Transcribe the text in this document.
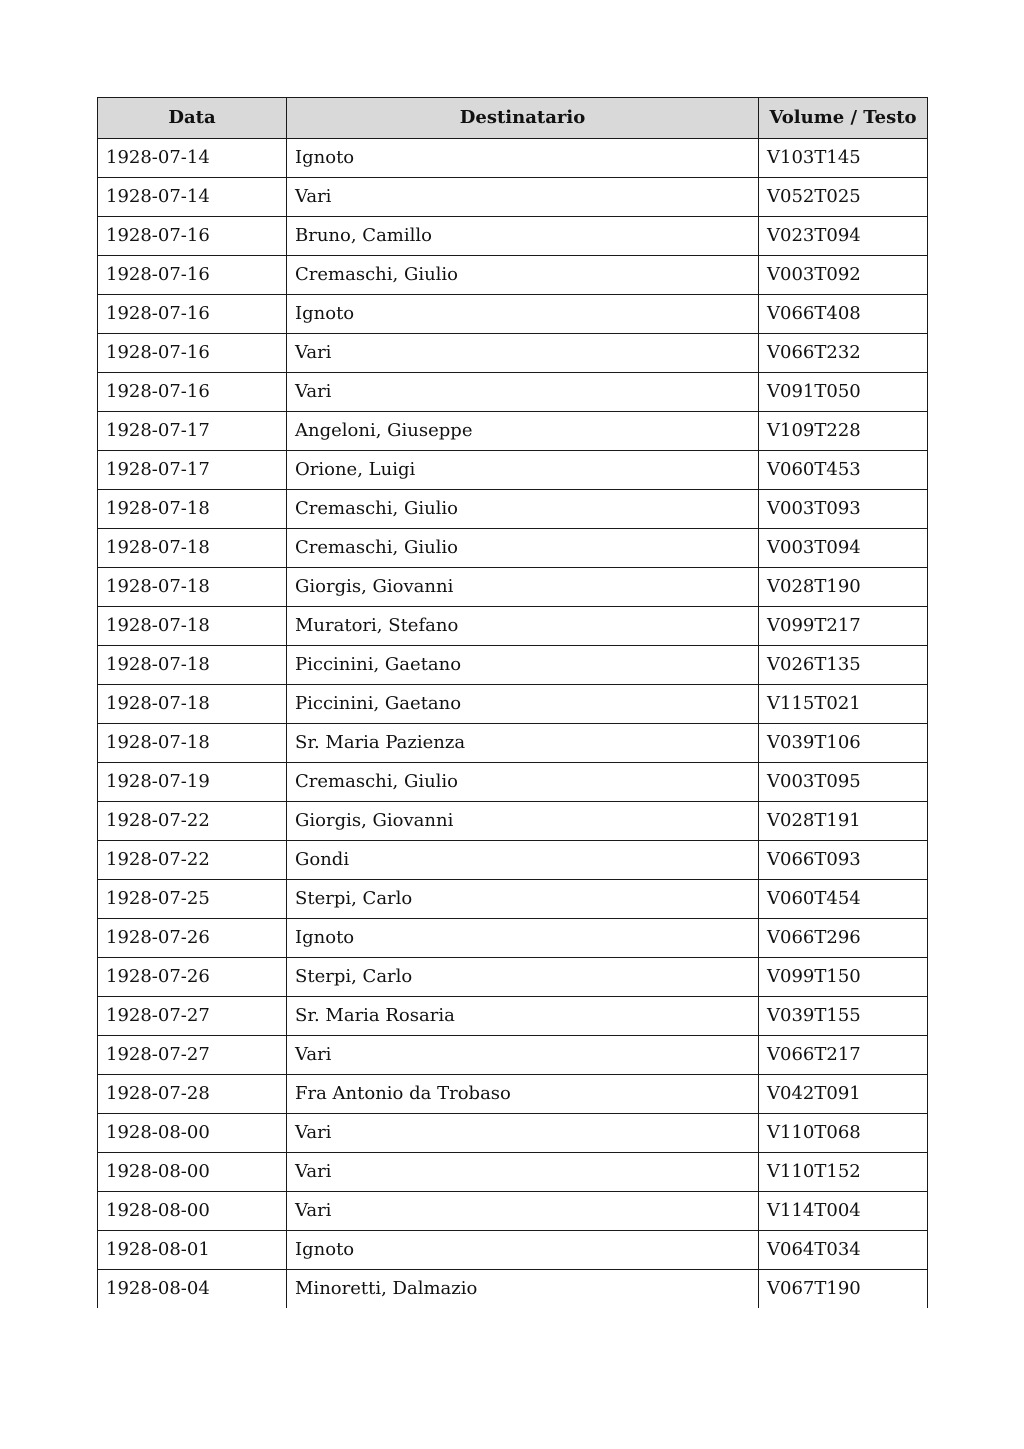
Data	Destinatario	Volume / Testo
1928-07-14	Ignoto	V103T145
1928-07-14	Vari	V052T025
1928-07-16	Bruno, Camillo	V023T094
1928-07-16	Cremaschi, Giulio	V003T092
1928-07-16	Ignoto	V066T408
1928-07-16	Vari	V066T232
1928-07-16	Vari	V091T050
1928-07-17	Angeloni, Giuseppe	V109T228
1928-07-17	Orione, Luigi	V060T453
1928-07-18	Cremaschi, Giulio	V003T093
1928-07-18	Cremaschi, Giulio	V003T094
1928-07-18	Giorgis, Giovanni	V028T190
1928-07-18	Muratori, Stefano	V099T217
1928-07-18	Piccinini, Gaetano	V026T135
1928-07-18	Piccinini, Gaetano	V115T021
1928-07-18	Sr. Maria Pazienza	V039T106
1928-07-19	Cremaschi, Giulio	V003T095
1928-07-22	Giorgis, Giovanni	V028T191
1928-07-22	Gondi	V066T093
1928-07-25	Sterpi, Carlo	V060T454
1928-07-26	Ignoto	V066T296
1928-07-26	Sterpi, Carlo	V099T150
1928-07-27	Sr. Maria Rosaria	V039T155
1928-07-27	Vari	V066T217
1928-07-28	Fra Antonio da Trobaso	V042T091
1928-08-00	Vari	V110T068
1928-08-00	Vari	V110T152
1928-08-00	Vari	V114T004
1928-08-01	Ignoto	V064T034
1928-08-04	Minoretti, Dalmazio	V067T190
